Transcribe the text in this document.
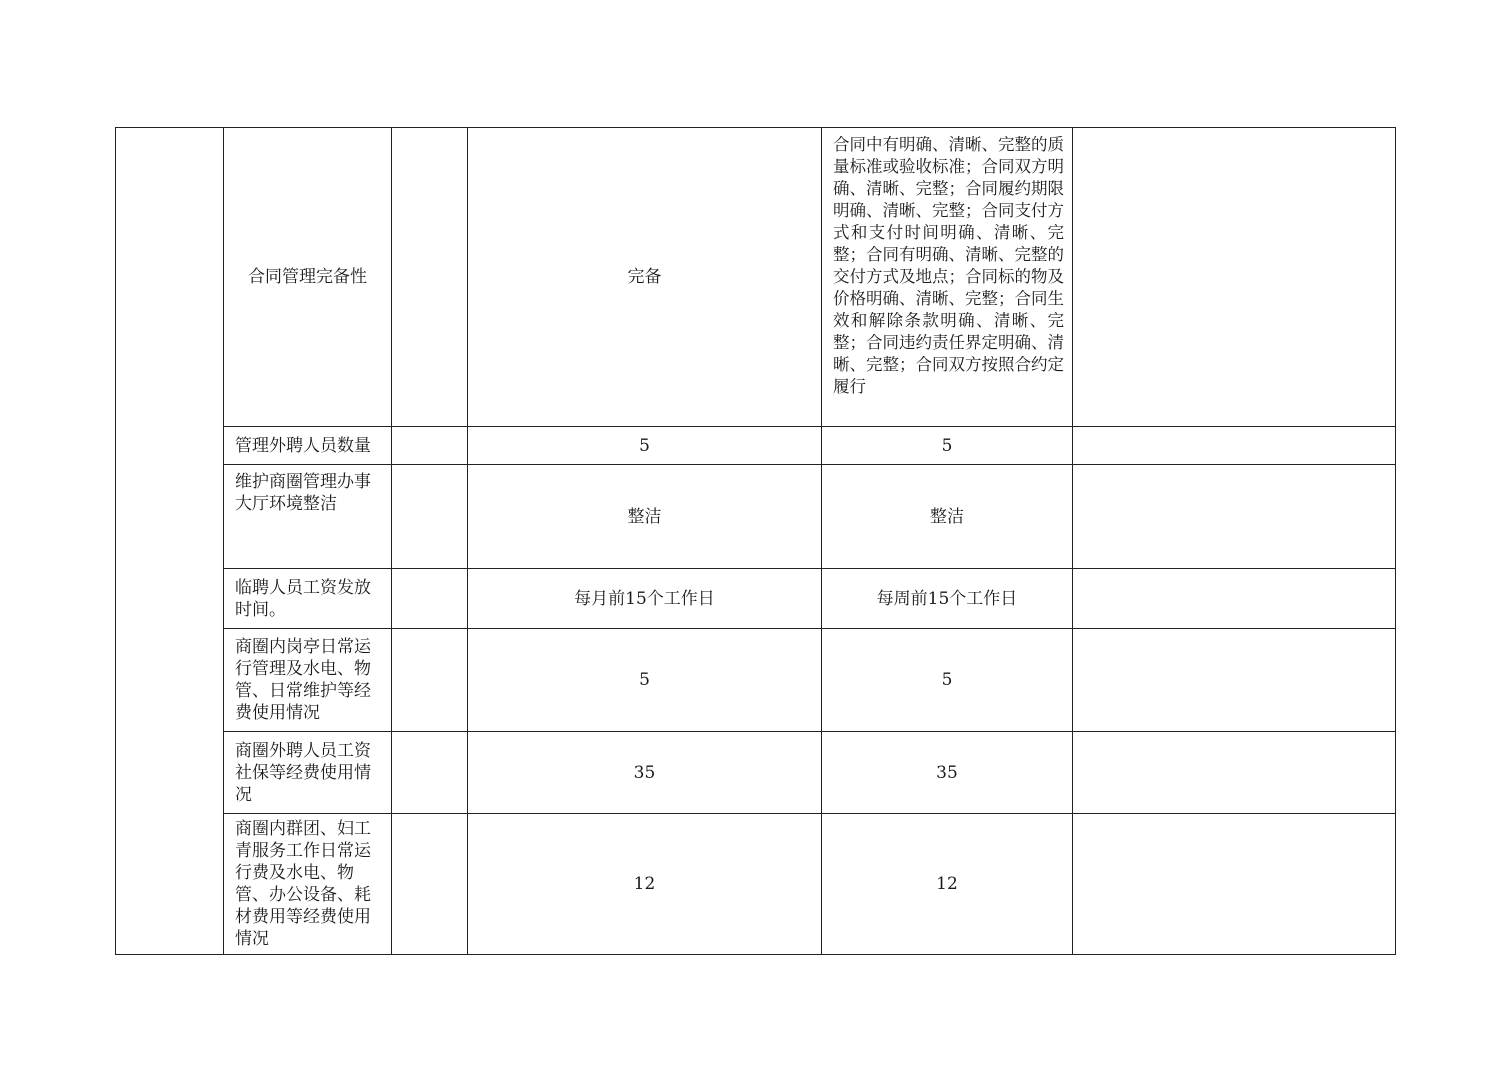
	合同管理完备性		完备	合同中有明确、清晰、完整的质量标准或验收标准；合同双方明确、清晰、完整；合同履约期限明确、清晰、完整；合同支付方式和支付时间明确、清晰、完整；合同有明确、清晰、完整的交付方式及地点；合同标的物及价格明确、清晰、完整；合同生效和解除条款明确、清晰、完整；合同违约责任界定明确、清晰、完整；合同双方按照合约定履行	
	管理外聘人员数量		5	5	
	维护商圈管理办事大厅环境整洁		整洁	整洁	
	临聘人员工资发放时间。		每月前15个工作日	每周前15个工作日	
	商圈内岗亭日常运行管理及水电、物管、日常维护等经费使用情况		5	5	
	商圈外聘人员工资社保等经费使用情况		35	35	
	商圈内群团、妇工青服务工作日常运行费及水电、物管、办公设备、耗材费用等经费使用情况		12	12	
